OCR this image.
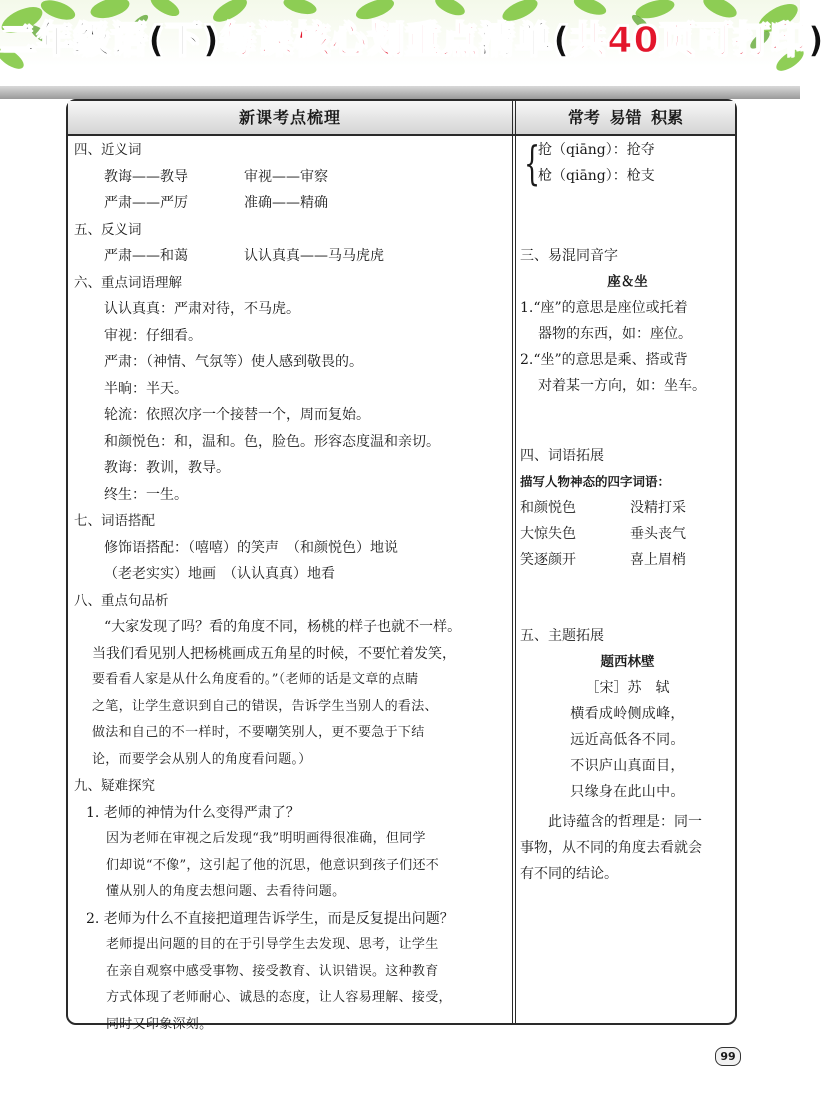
二年级语(下)每课核心划重点清单(共40页可打印)
新课考点梳理	常考 易错 积累
四、近义词
教诲——教导	审视——审察
严肃——严厉	准确——精确
五、反义词
严肃——和蔼	认认真真——马马虎虎
六、重点词语理解
认认真真：严肃对待，不马虎。
审视：仔细看。
严肃：（神情、气氛等）使人感到敬畏的。
半晌：半天。
轮流：依照次序一个接替一个，周而复始。
和颜悦色：和，温和。色，脸色。形容态度温和亲切。
教诲：教训，教导。
终生：一生。
七、词语搭配
修饰语搭配：（嘻嘻）的笑声　（和颜悦色）地说
（老老实实）地画　（认认真真）地看
八、重点句品析
“大家发现了吗？看的角度不同，杨桃的样子也就不一样。
当我们看见别人把杨桃画成五角星的时候，不要忙着发笑，
要看看人家是从什么角度看的。”（老师的话是文章的点睛
之笔，让学生意识到自己的错误，告诉学生当别人的看法、
做法和自己的不一样时，不要嘲笑别人，更不要急于下结
论，而要学会从别人的角度看问题。）
九、疑难探究
1. 老师的神情为什么变得严肃了？
因为老师在审视之后发现“我”明明画得很准确，但同学
们却说“不像”，这引起了他的沉思，他意识到孩子们还不
懂从别人的角度去想问题、去看待问题。
2. 老师为什么不直接把道理告诉学生，而是反复提出问题？
老师提出问题的目的在于引导学生去发现、思考，让学生
在亲自观察中感受事物、接受教育、认识错误。这种教育
方式体现了老师耐心、诚恳的态度，让人容易理解、接受，
同时又印象深刻。
{
抢（qiāng）：抢夺
枪（qiāng）：枪支
三、易混同音字
座＆坐
1.“座”的意思是座位或托着
器物的东西，如：座位。
2.“坐”的意思是乘、搭或背
对着某一方向，如：坐车。
四、词语拓展
描写人物神态的四字词语：
和颜悦色	没精打采
大惊失色	垂头丧气
笑逐颜开	喜上眉梢
五、主题拓展
题西林壁
［宋］苏　轼
横看成岭侧成峰，
远近高低各不同。
不识庐山真面目，
只缘身在此山中。
此诗蕴含的哲理是：同一
事物，从不同的角度去看就会
有不同的结论。
99
